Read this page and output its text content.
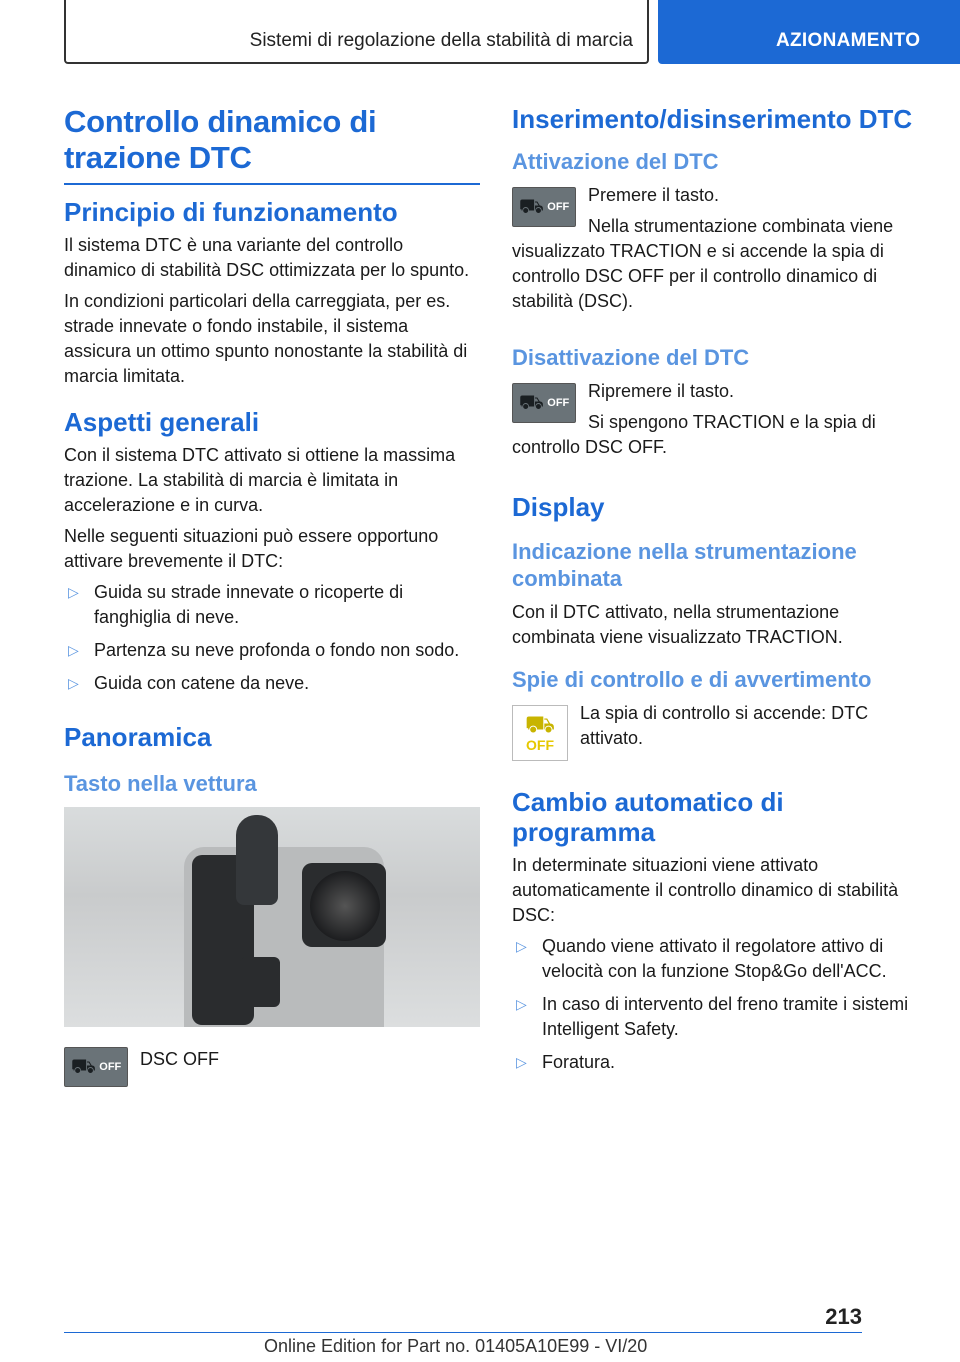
Sistemi di regolazione della stabilità di marcia	AZIONAMENTO
Controllo dinamico di trazione DTC
Principio di funzionamento

Il sistema DTC è una variante del controllo dinamico di stabilità DSC ottimizzata per lo spunto.

In condizioni particolari della carreggiata, per es. strade innevate o fondo instabile, il sistema assicura un ottimo spunto nonostante la stabilità di marcia limitata.

Aspetti generali

Con il sistema DTC attivato si ottiene la massima trazione. La stabilità di marcia è limitata in accelerazione e in curva.

Nelle seguenti situazioni può essere opportuno attivare brevemente il DTC:

▷ Guida su strade innevate o ricoperte di fanghiglia di neve.
▷ Partenza su neve profonda o fondo non sodo.
▷ Guida con catene da neve.
Panoramica
Tasto nella vettura
⛟ OFF DSC OFF
Inserimento/disinserimento DTC
Attivazione del DTC
⛟ OFF

Premere il tasto.

Nella strumentazione combinata viene visualizzato TRACTION e si accende la spia di controllo DSC OFF per il controllo dinamico di stabilità (DSC).

Disattivazione del DTC
⛟ OFF

Ripremere il tasto.

Si spengono TRACTION e la spia di controllo DSC OFF.

Display
Indicazione nella strumentazione combinata

Con il DTC attivato, nella strumentazione combinata viene visualizzato TRACTION.

Spie di controllo e di avvertimento
⛟
OFF

La spia di controllo si accende: DTC attivato.

Cambio automatico di programma

In determinate situazioni viene attivato automaticamente il controllo dinamico di stabilità DSC:

▷ Quando viene attivato il regolatore attivo di velocità con la funzione Stop&Go dell'ACC.
▷ In caso di intervento del freno tramite i sistemi Intelligent Safety.
▷ Foratura.
213
Online Edition for Part no. 01405A10E99 - VI/20
